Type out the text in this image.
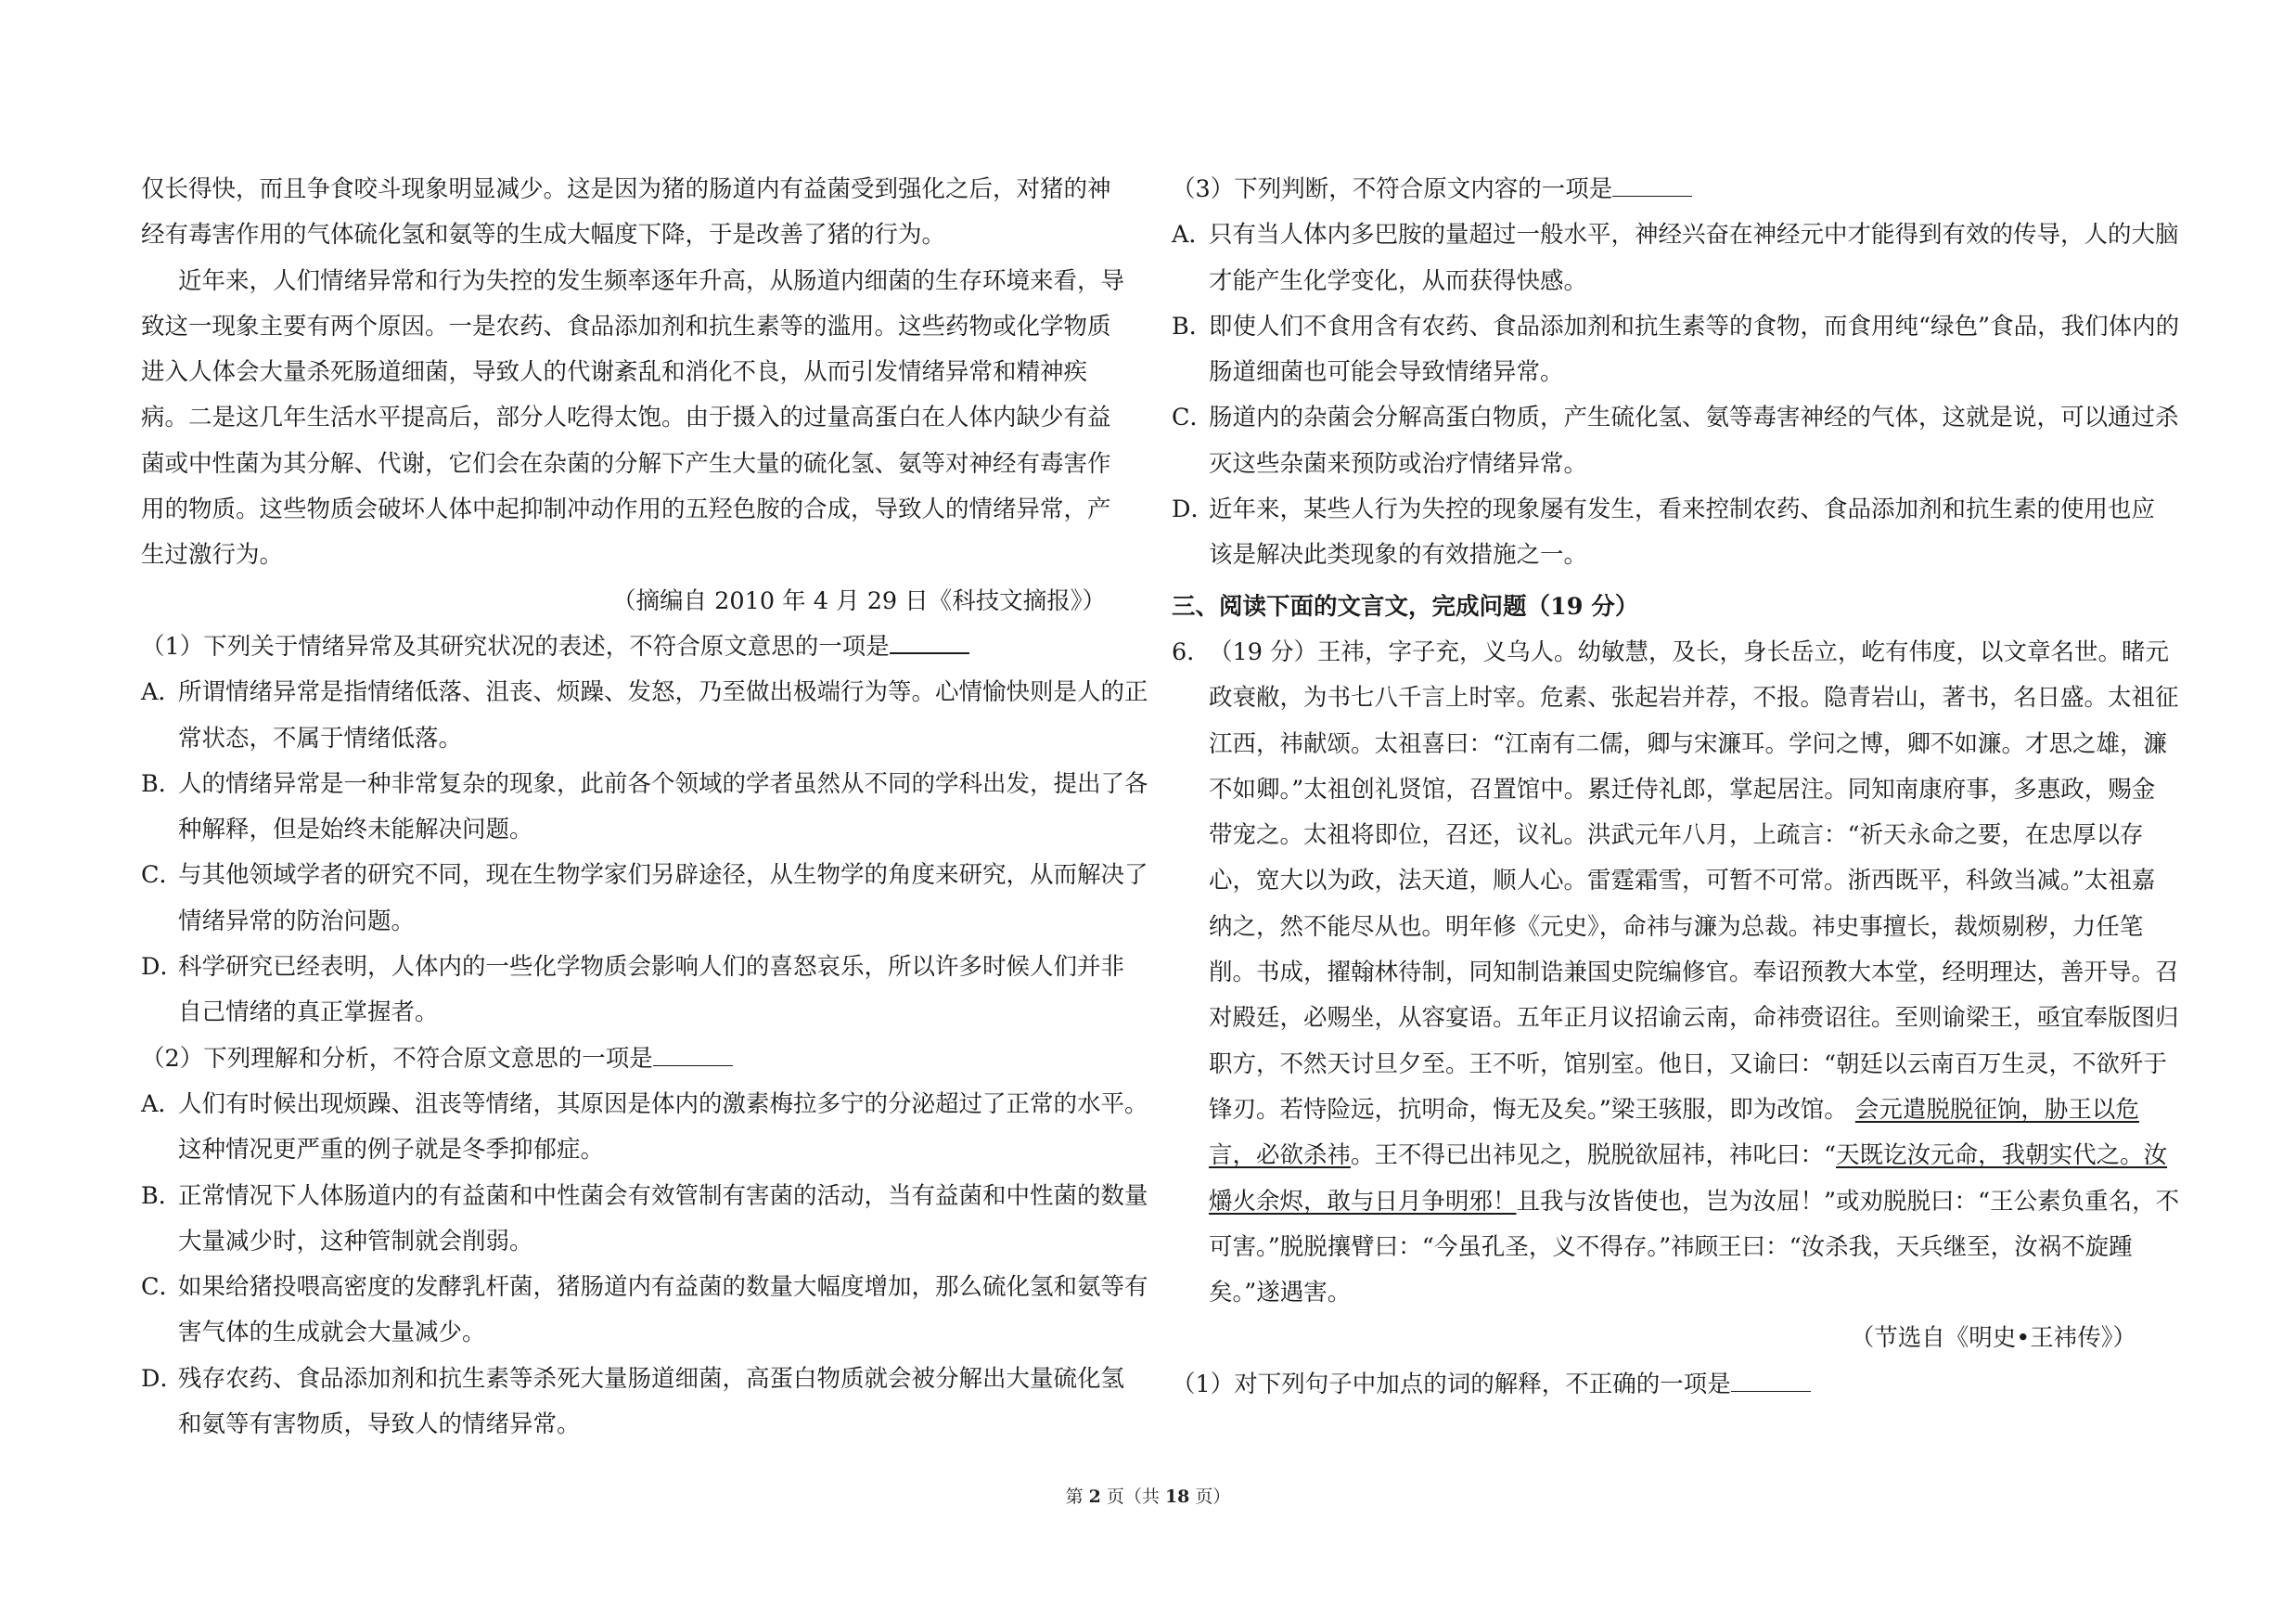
仅长得快，而且争食咬斗现象明显减少。这是因为猪的肠道内有益菌受到强化之后，对猪的神
经有毒害作用的气体硫化氢和氨等的生成大幅度下降，于是改善了猪的行为。
近年来，人们情绪异常和行为失控的发生频率逐年升高，从肠道内细菌的生存环境来看，导
致这一现象主要有两个原因。一是农药、食品添加剂和抗生素等的滥用。这些药物或化学物质
进入人体会大量杀死肠道细菌，导致人的代谢紊乱和消化不良，从而引发情绪异常和精神疾
病。二是这几年生活水平提高后，部分人吃得太饱。由于摄入的过量高蛋白在人体内缺少有益
菌或中性菌为其分解、代谢，它们会在杂菌的分解下产生大量的硫化氢、氨等对神经有毒害作
用的物质。这些物质会破坏人体中起抑制冲动作用的五羟色胺的合成，导致人的情绪异常，产
生过激行为。
（摘编自 2010 年 4 月 29 日《科技文摘报》）
（1）下列关于情绪异常及其研究状况的表述，不符合原文意思的一项是
A．所谓情绪异常是指情绪低落、沮丧、烦躁、发怒，乃至做出极端行为等。心情愉快则是人的正
常状态，不属于情绪低落。
B．人的情绪异常是一种非常复杂的现象，此前各个领域的学者虽然从不同的学科出发，提出了各
种解释，但是始终未能解决问题。
C．与其他领域学者的研究不同，现在生物学家们另辟途径，从生物学的角度来研究，从而解决了
情绪异常的防治问题。
D．科学研究已经表明，人体内的一些化学物质会影响人们的喜怒哀乐，所以许多时候人们并非
自己情绪的真正掌握者。
（2）下列理解和分析，不符合原文意思的一项是
A．人们有时候出现烦躁、沮丧等情绪，其原因是体内的激素梅拉多宁的分泌超过了正常的水平。
这种情况更严重的例子就是冬季抑郁症。
B．正常情况下人体肠道内的有益菌和中性菌会有效管制有害菌的活动，当有益菌和中性菌的数量
大量减少时，这种管制就会削弱。
C．如果给猪投喂高密度的发酵乳杆菌，猪肠道内有益菌的数量大幅度增加，那么硫化氢和氨等有
害气体的生成就会大量减少。
D．残存农药、食品添加剂和抗生素等杀死大量肠道细菌，高蛋白物质就会被分解出大量硫化氢
和氨等有害物质，导致人的情绪异常。
（3）下列判断，不符合原文内容的一项是
A．只有当人体内多巴胺的量超过一般水平，神经兴奋在神经元中才能得到有效的传导，人的大脑
才能产生化学变化，从而获得快感。
B．即使人们不食用含有农药、食品添加剂和抗生素等的食物，而食用纯“绿色”食品，我们体内的
肠道细菌也可能会导致情绪异常。
C．肠道内的杂菌会分解高蛋白物质，产生硫化氢、氨等毒害神经的气体，这就是说，可以通过杀
灭这些杂菌来预防或治疗情绪异常。
D．近年来，某些人行为失控的现象屡有发生，看来控制农药、食品添加剂和抗生素的使用也应
该是解决此类现象的有效措施之一。
三、阅读下面的文言文，完成问题（19 分）
6．（19 分）王祎，字子充，义乌人。幼敏慧，及长，身长岳立，屹有伟度，以文章名世。睹元
政衰敝，为书七八千言上时宰。危素、张起岩并荐，不报。隐青岩山，著书，名日盛。太祖征
江西，祎献颂。太祖喜曰：“江南有二儒，卿与宋濂耳。学问之博，卿不如濂。才思之雄，濂
不如卿。”太祖创礼贤馆，召置馆中。累迁侍礼郎，掌起居注。同知南康府事，多惠政，赐金
带宠之。太祖将即位，召还，议礼。洪武元年八月，上疏言：“祈天永命之要，在忠厚以存
心，宽大以为政，法天道，顺人心。雷霆霜雪，可暂不可常。浙西既平，科敛当减。”太祖嘉
纳之，然不能尽从也。明年修《元史》，命祎与濂为总裁。祎史事擅长，裁烦剔秽，力任笔
削。书成，擢翰林待制，同知制诰兼国史院编修官。奉诏预教大本堂，经明理达，善开导。召
对殿廷，必赐坐，从容宴语。五年正月议招谕云南，命祎赍诏往。至则谕梁王，亟宜奉版图归
职方，不然天讨旦夕至。王不听，馆别室。他日，又谕曰：“朝廷以云南百万生灵，不欲歼于
锋刃。若恃险远，抗明命，悔无及矣。”梁王骇服，即为改馆。 会元遣脱脱征饷，胁王以危
言，必欲杀祎。王不得已出祎见之，脱脱欲屈祎，祎叱曰：“天既讫汝元命，我朝实代之。汝
爝火余烬，敢与日月争明邪！且我与汝皆使也，岂为汝屈！”或劝脱脱曰：“王公素负重名，不
可害。”脱脱攘臂曰：“今虽孔圣，义不得存。”祎顾王曰：“汝杀我，天兵继至，汝祸不旋踵
矣。”遂遇害。
（节选自《明史•王祎传》）
（1）对下列句子中加点的词的解释，不正确的一项是
第 2 页（共 18 页）
